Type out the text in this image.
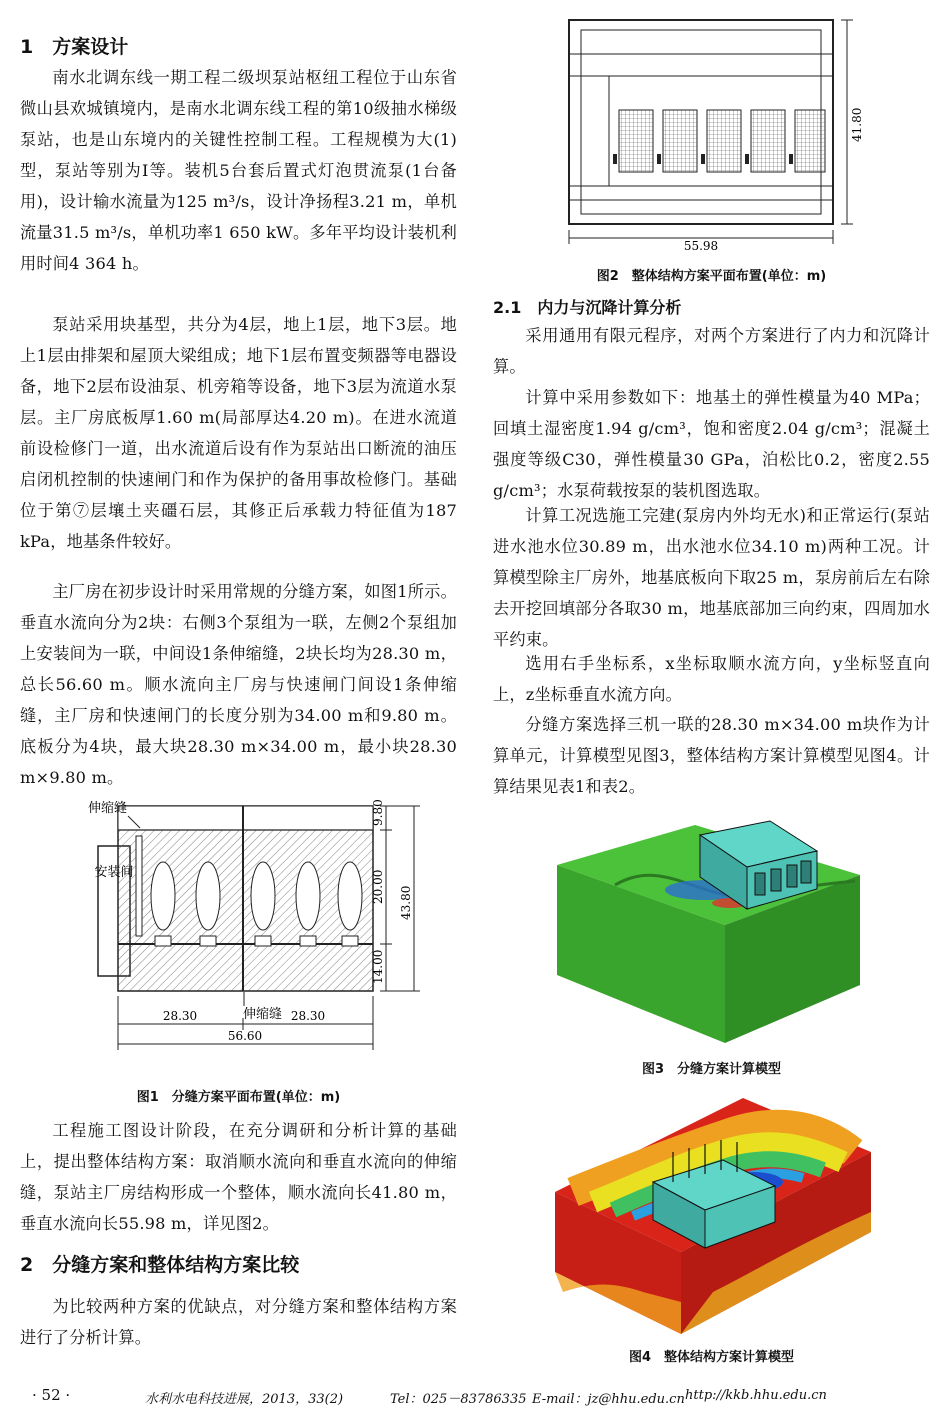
1　方案设计
南水北调东线一期工程二级坝泵站枢纽工程位于山东省微山县欢城镇境内，是南水北调东线工程的第10级抽水梯级泵站，也是山东境内的关键性控制工程。工程规模为大(1)型，泵站等别为Ⅰ等。装机5台套后置式灯泡贯流泵(1台备用)，设计输水流量为125 m³/s，设计净扬程3.21 m，单机流量31.5 m³/s，单机功率1 650 kW。多年平均设计装机利用时间4 364 h。
泵站采用块基型，共分为4层，地上1层，地下3层。地上1层由排架和屋顶大梁组成；地下1层布置变频器等电器设备，地下2层布设油泵、机旁箱等设备，地下3层为流道水泵层。主厂房底板厚1.60 m(局部厚达4.20 m)。在进水流道前设检修门一道，出水流道后设有作为泵站出口断流的油压启闭机控制的快速闸门和作为保护的备用事故检修门。基础位于第⑦层壤土夹礓石层，其修正后承载力特征值为187 kPa，地基条件较好。
主厂房在初步设计时采用常规的分缝方案，如图1所示。垂直水流向分为2块：右侧3个泵组为一联，左侧2个泵组加上安装间为一联，中间设1条伸缩缝，2块长均为28.30 m，总长56.60 m。顺水流向主厂房与快速闸门间设1条伸缩缝，主厂房和快速闸门的长度分别为34.00 m和9.80 m。底板分为4块，最大块28.30 m×34.00 m，最小块28.30 m×9.80 m。
安装间
伸缩缝
伸缩缝
9.80
20.00
14.00
43.80
28.30	28.30
56.60
图1　分缝方案平面布置(单位：m)
工程施工图设计阶段，在充分调研和分析计算的基础上，提出整体结构方案：取消顺水流向和垂直水流向的伸缩缝，泵站主厂房结构形成一个整体，顺水流向长41.80 m，垂直水流向长55.98 m，详见图2。
2　分缝方案和整体结构方案比较
为比较两种方案的优缺点，对分缝方案和整体结构方案进行了分析计算。
55.98
41.80
图2　整体结构方案平面布置(单位：m)
2.1　内力与沉降计算分析
采用通用有限元程序，对两个方案进行了内力和沉降计算。
计算中采用参数如下：地基土的弹性模量为40 MPa；回填土湿密度1.94 g/cm³，饱和密度2.04 g/cm³；混凝土强度等级C30，弹性模量30 GPa，泊松比0.2，密度2.55 g/cm³；水泵荷载按泵的装机图选取。
计算工况选施工完建(泵房内外均无水)和正常运行(泵站进水池水位30.89 m，出水池水位34.10 m)两种工况。计算模型除主厂房外，地基底板向下取25 m，泵房前后左右除去开挖回填部分各取30 m，地基底部加三向约束，四周加水平约束。
选用右手坐标系，x坐标取顺水流方向，y坐标竖直向上，z坐标垂直水流方向。
分缝方案选择三机一联的28.30 m×34.00 m块作为计算单元，计算模型见图3，整体结构方案计算模型见图4。计算结果见表1和表2。
图3　分缝方案计算模型
图4　整体结构方案计算模型
· 52 ·	水利水电科技进展，2013，33(2)	Tel：025－83786335 E-mail：jz@hhu.edu.cn http://kkb.hhu.edu.cn
